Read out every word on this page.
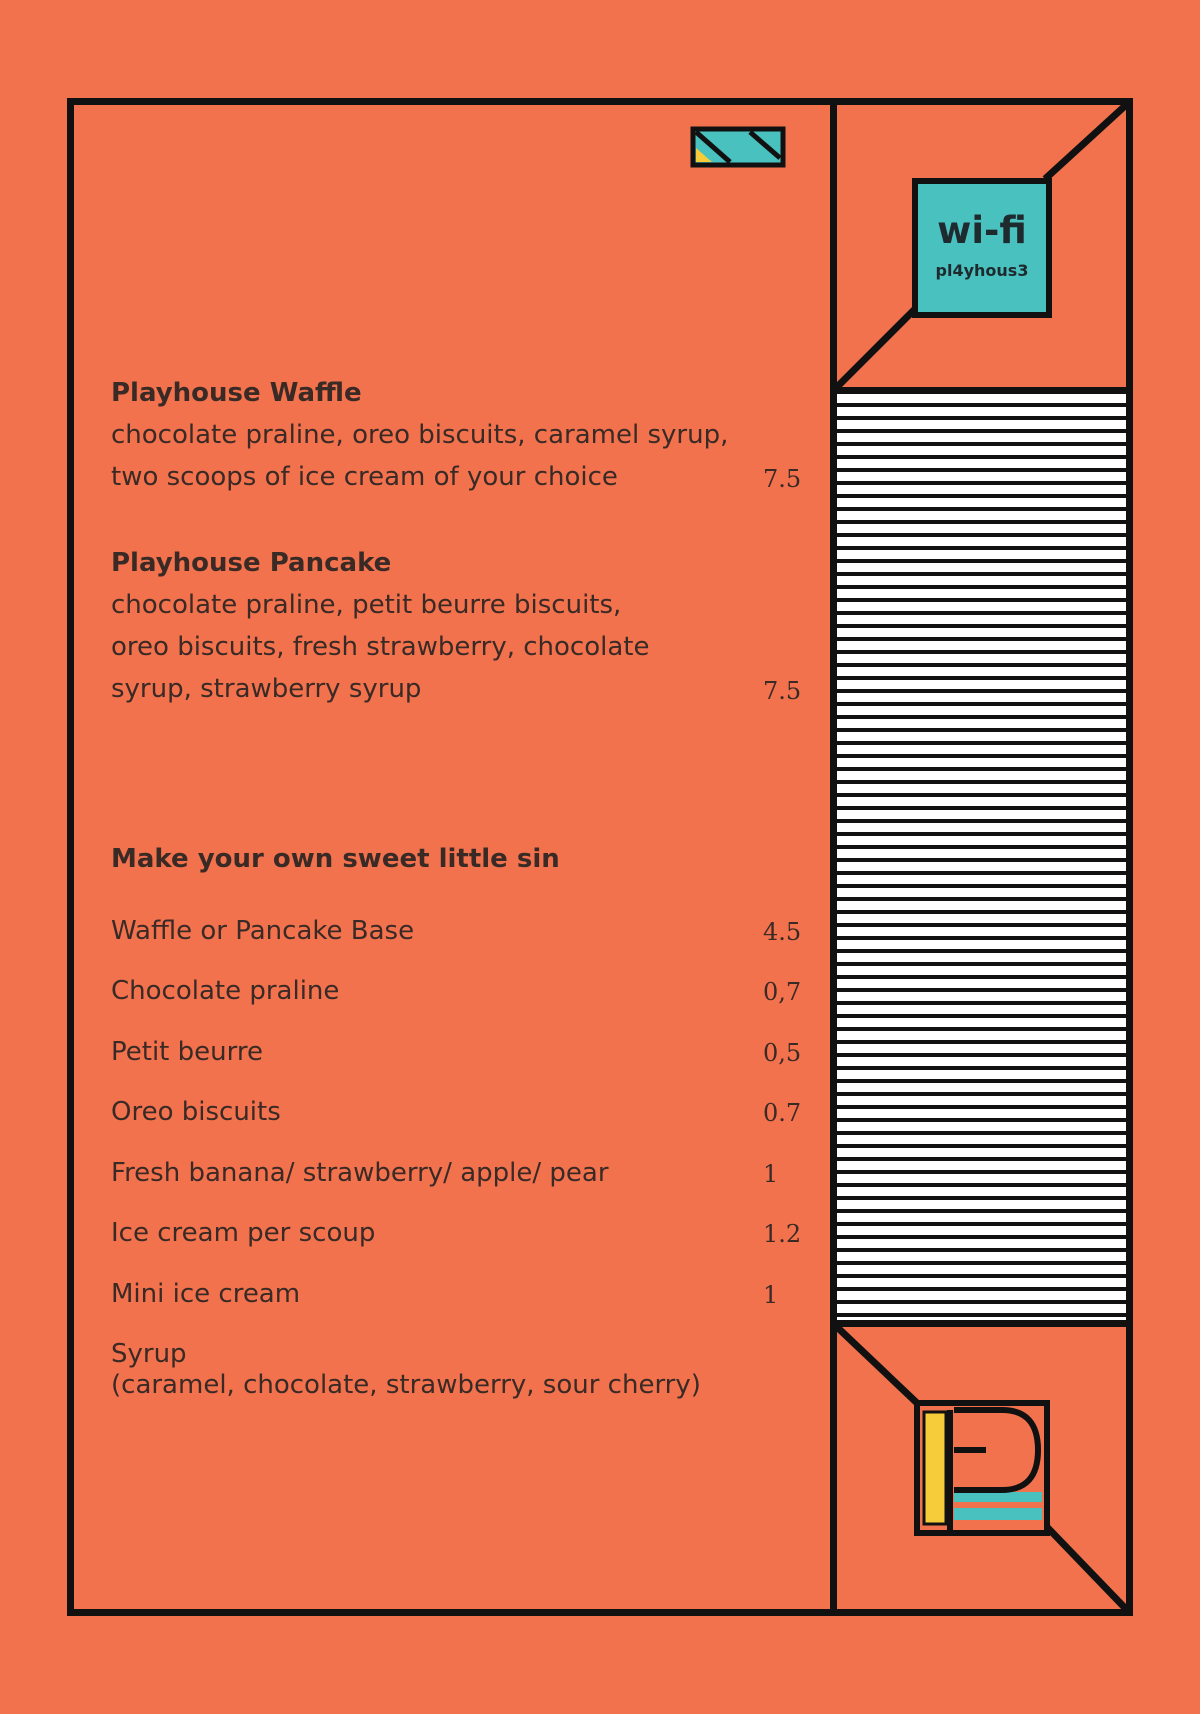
wi-fi
pl4yhous3
Playhouse Waffle
chocolate praline, oreo biscuits, caramel syrup,
two scoops of ice cream of your choice	7.5
Playhouse Pancake
chocolate praline, petit beurre biscuits,
oreo biscuits, fresh strawberry, chocolate
syrup, strawberry syrup	7.5
Make your own sweet little sin
Waffle or Pancake Base	4.5
Chocolate praline	0,7
Petit beurre	0,5
Oreo biscuits	0.7
Fresh banana/ strawberry/ apple/ pear	1
Ice cream per scoup	1.2
Mini ice cream	1
Syrup
(caramel, chocolate, strawberry, sour cherry)
